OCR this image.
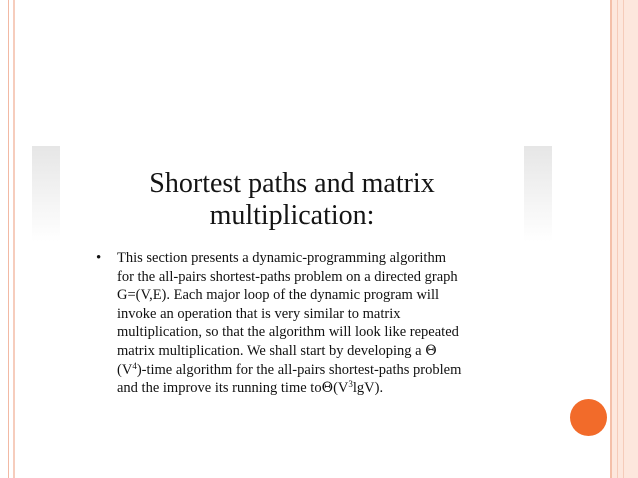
Shortest paths and matrix
multiplication:
• This section presents a dynamic-programming algorithm
for the all-pairs shortest-paths problem on a directed graph
G=(V,E). Each major loop of the dynamic program will
invoke an operation that is very similar to matrix
multiplication, so that the algorithm will look like repeated
matrix multiplication. We shall start by developing a Θ
$(V^4)$-time algorithm for the all-pairs shortest-paths problem
and the improve its running time $to\Theta(V^3\lg V)$.
